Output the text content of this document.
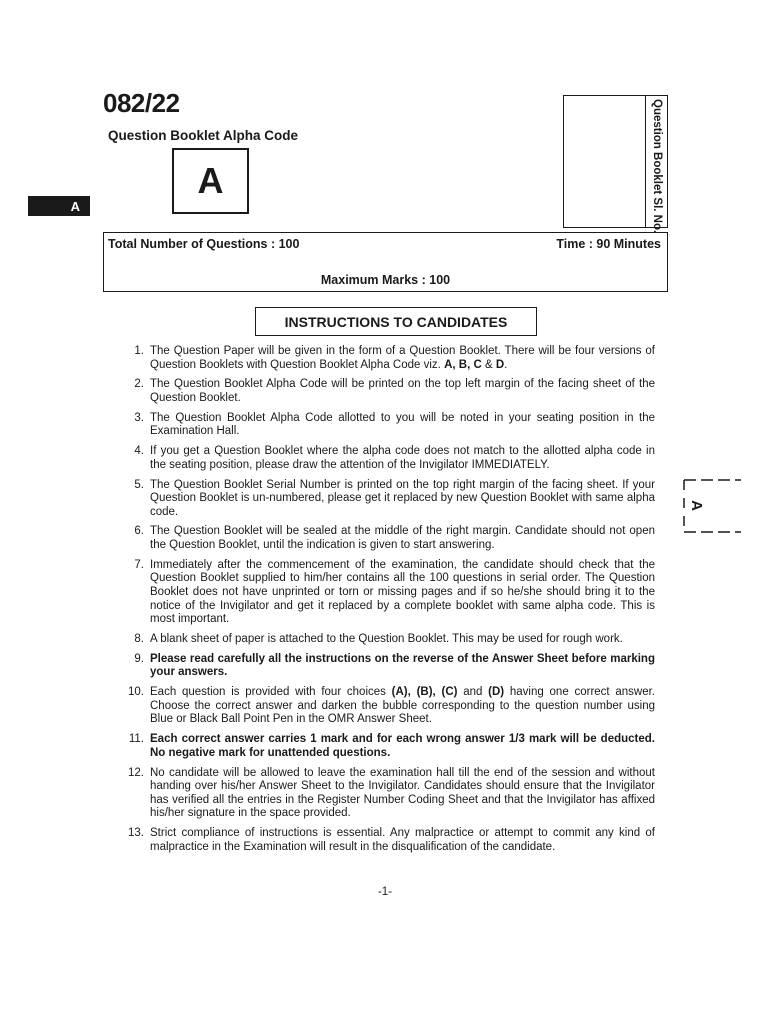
082/22
Question Booklet Alpha Code
A
A	Question Booklet Sl. No.
Total Number of Questions : 100	Time : 90 Minutes
Maximum Marks : 100
INSTRUCTIONS TO CANDIDATES
1. The Question Paper will be given in the form of a Question Booklet. There will be four versions of Question Booklets with Question Booklet Alpha Code viz. A, B, C & D.
2. The Question Booklet Alpha Code will be printed on the top left margin of the facing sheet of the Question Booklet.
3. The Question Booklet Alpha Code allotted to you will be noted in your seating position in the Examination Hall.
4. If you get a Question Booklet where the alpha code does not match to the allotted alpha code in the seating position, please draw the attention of the Invigilator IMMEDIATELY.
5. The Question Booklet Serial Number is printed on the top right margin of the facing sheet. If your Question Booklet is un-numbered, please get it replaced by new Question Booklet with same alpha code.
6. The Question Booklet will be sealed at the middle of the right margin. Candidate should not open the Question Booklet, until the indication is given to start answering.
7. Immediately after the commencement of the examination, the candidate should check that the Question Booklet supplied to him/her contains all the 100 questions in serial order. The Question Booklet does not have unprinted or torn or missing pages and if so he/she should bring it to the notice of the Invigilator and get it replaced by a complete booklet with same alpha code. This is most important.
8. A blank sheet of paper is attached to the Question Booklet. This may be used for rough work.
9. Please read carefully all the instructions on the reverse of the Answer Sheet before marking your answers.
10. Each question is provided with four choices (A), (B), (C) and (D) having one correct answer. Choose the correct answer and darken the bubble corresponding to the question number using Blue or Black Ball Point Pen in the OMR Answer Sheet.
11. Each correct answer carries 1 mark and for each wrong answer 1/3 mark will be deducted. No negative mark for unattended questions.
12. No candidate will be allowed to leave the examination hall till the end of the session and without handing over his/her Answer Sheet to the Invigilator. Candidates should ensure that the Invigilator has verified all the entries in the Register Number Coding Sheet and that the Invigilator has affixed his/her signature in the space provided.
13. Strict compliance of instructions is essential. Any malpractice or attempt to commit any kind of malpractice in the Examination will result in the disqualification of the candidate.
A
-1-
